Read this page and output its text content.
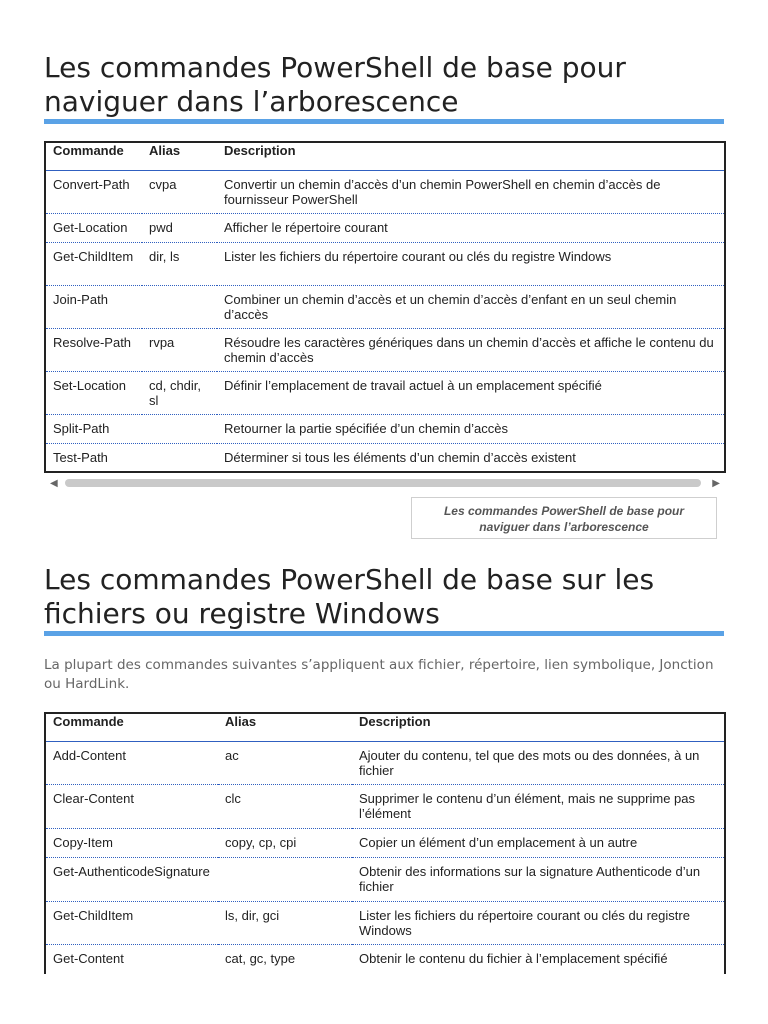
Les commandes PowerShell de base pour naviguer dans l’arborescence
Commande	Alias	Description
Convert-Path	cvpa	Convertir un chemin d’accès d’un chemin PowerShell en chemin d’accès de fournisseur PowerShell
Get-Location	pwd	Afficher le répertoire courant
Get-ChildItem	dir, ls	Lister les fichiers du répertoire courant ou clés du registre Windows
Join-Path		Combiner un chemin d’accès et un chemin d’accès d’enfant en un seul chemin d’accès
Resolve-Path	rvpa	Résoudre les caractères génériques dans un chemin d’accès et affiche le contenu du chemin d’accès
Set-Location	cd, chdir, sl	Définir l’emplacement de travail actuel à un emplacement spécifié
Split-Path		Retourner la partie spécifiée d’un chemin d’accès
Test-Path		Déterminer si tous les éléments d’un chemin d’accès existent
◀	▶
Les commandes PowerShell de base pour naviguer dans l’arborescence
Les commandes PowerShell de base sur les fichiers ou registre Windows

La plupart des commandes suivantes s’appliquent aux fichier, répertoire, lien symbolique, Jonction ou HardLink.

Commande	Alias	Description
Add-Content	ac	Ajouter du contenu, tel que des mots ou des données, à un fichier
Clear-Content	clc	Supprimer le contenu d’un élément, mais ne supprime pas l’élément
Copy-Item	copy, cp, cpi	Copier un élément d’un emplacement à un autre
Get-AuthenticodeSignature		Obtenir des informations sur la signature Authenticode d’un fichier
Get-ChildItem	ls, dir, gci	Lister les fichiers du répertoire courant ou clés du registre Windows
Get-Content	cat, gc, type	Obtenir le contenu du fichier à l’emplacement spécifié
